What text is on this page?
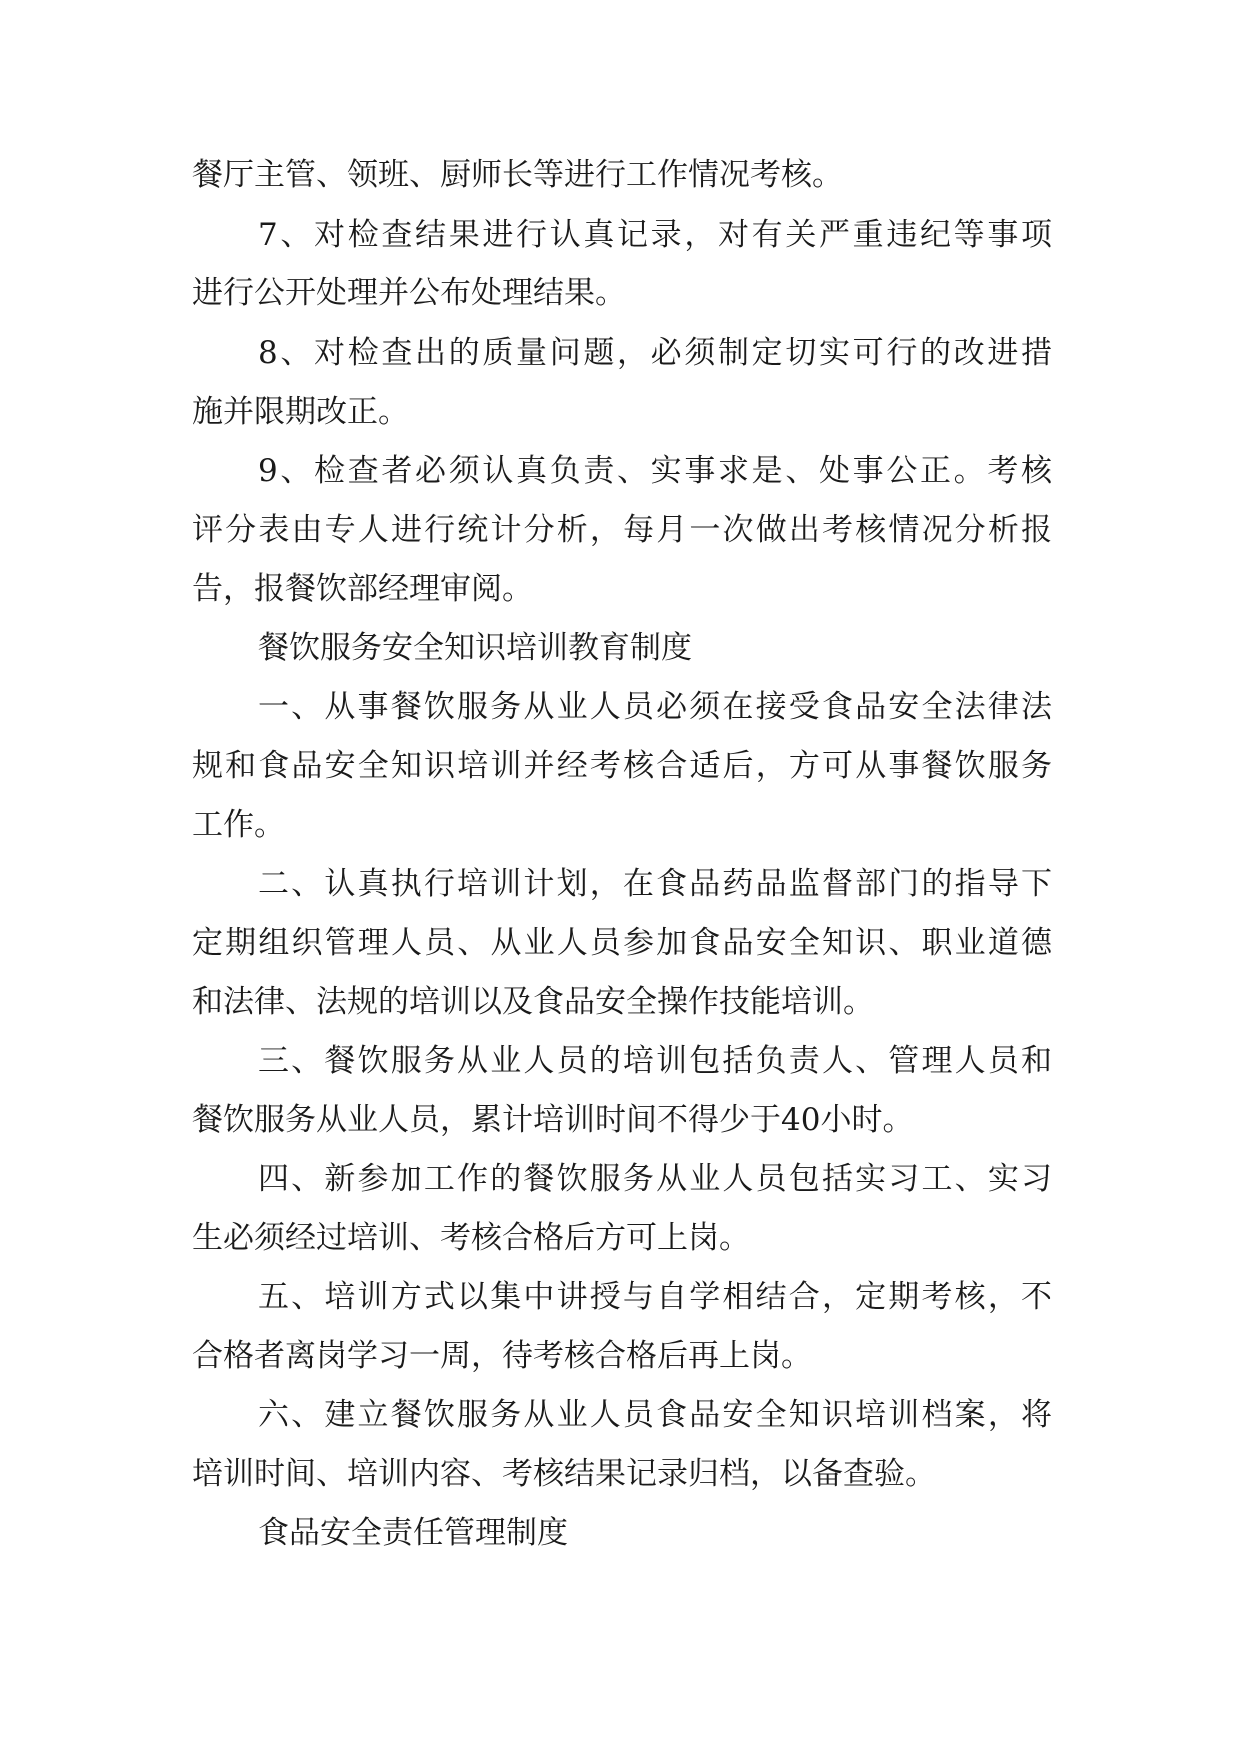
餐厅主管、领班、厨师长等进行工作情况考核。
7、对检查结果进行认真记录，对有关严重违纪等事项
进行公开处理并公布处理结果。
8、对检查出的质量问题，必须制定切实可行的改进措
施并限期改正。
9、检查者必须认真负责、实事求是、处事公正。考核
评分表由专人进行统计分析，每月一次做出考核情况分析报
告，报餐饮部经理审阅。
餐饮服务安全知识培训教育制度
一、从事餐饮服务从业人员必须在接受食品安全法律法
规和食品安全知识培训并经考核合适后，方可从事餐饮服务
工作。
二、认真执行培训计划，在食品药品监督部门的指导下
定期组织管理人员、从业人员参加食品安全知识、职业道德
和法律、法规的培训以及食品安全操作技能培训。
三、餐饮服务从业人员的培训包括负责人、管理人员和
餐饮服务从业人员，累计培训时间不得少于40小时。
四、新参加工作的餐饮服务从业人员包括实习工、实习
生必须经过培训、考核合格后方可上岗。
五、培训方式以集中讲授与自学相结合，定期考核，不
合格者离岗学习一周，待考核合格后再上岗。
六、建立餐饮服务从业人员食品安全知识培训档案，将
培训时间、培训内容、考核结果记录归档，以备查验。
食品安全责任管理制度
